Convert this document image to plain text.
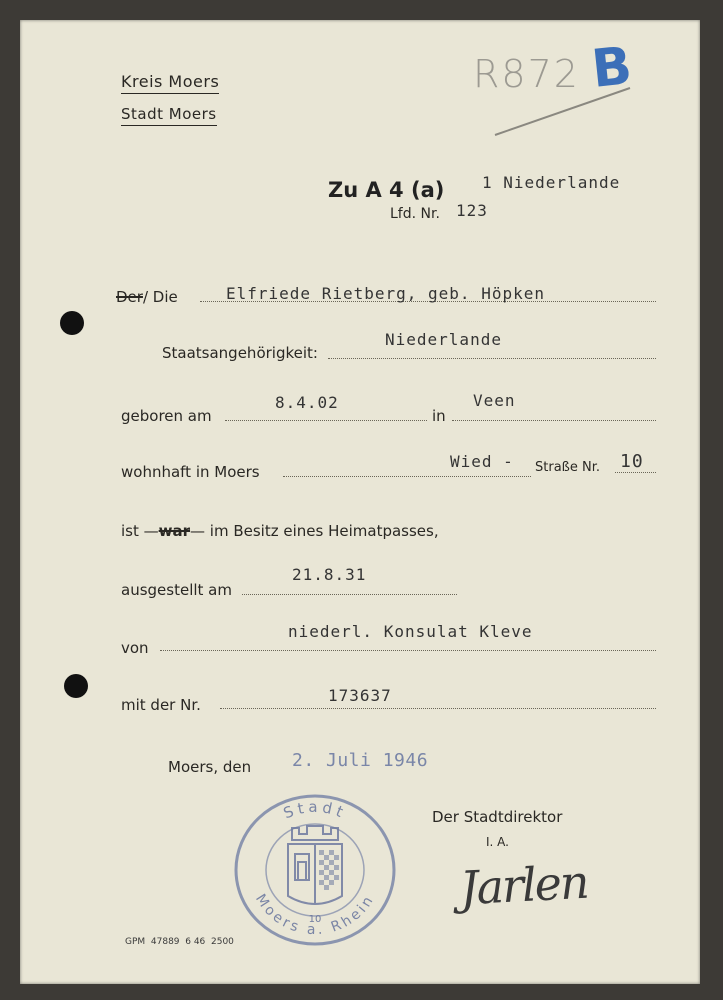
Kreis Moers
Stadt Moers
R872 B
Zu A 4 (a) 1 Niederlande
Lfd. Nr. 123
Der/ Die	Elfriede Rietberg, geb. Höpken
Staatsangehörigkeit:
Niederlande
geboren am
8.4.02
in
Veen
wohnhaft in Moers
Wied - Straße Nr. 10
ist —war— im Besitz eines Heimatpasses,
ausgestellt am
21.8.31
von
niederl. Konsulat Kleve
mit der Nr.	173637
Moers, den 2. Juli 1946
Der Stadtdirektor
I. A.
Jarlen
Stadt
Moers a. Rhein
10
GPM  47889  6 46  2500
